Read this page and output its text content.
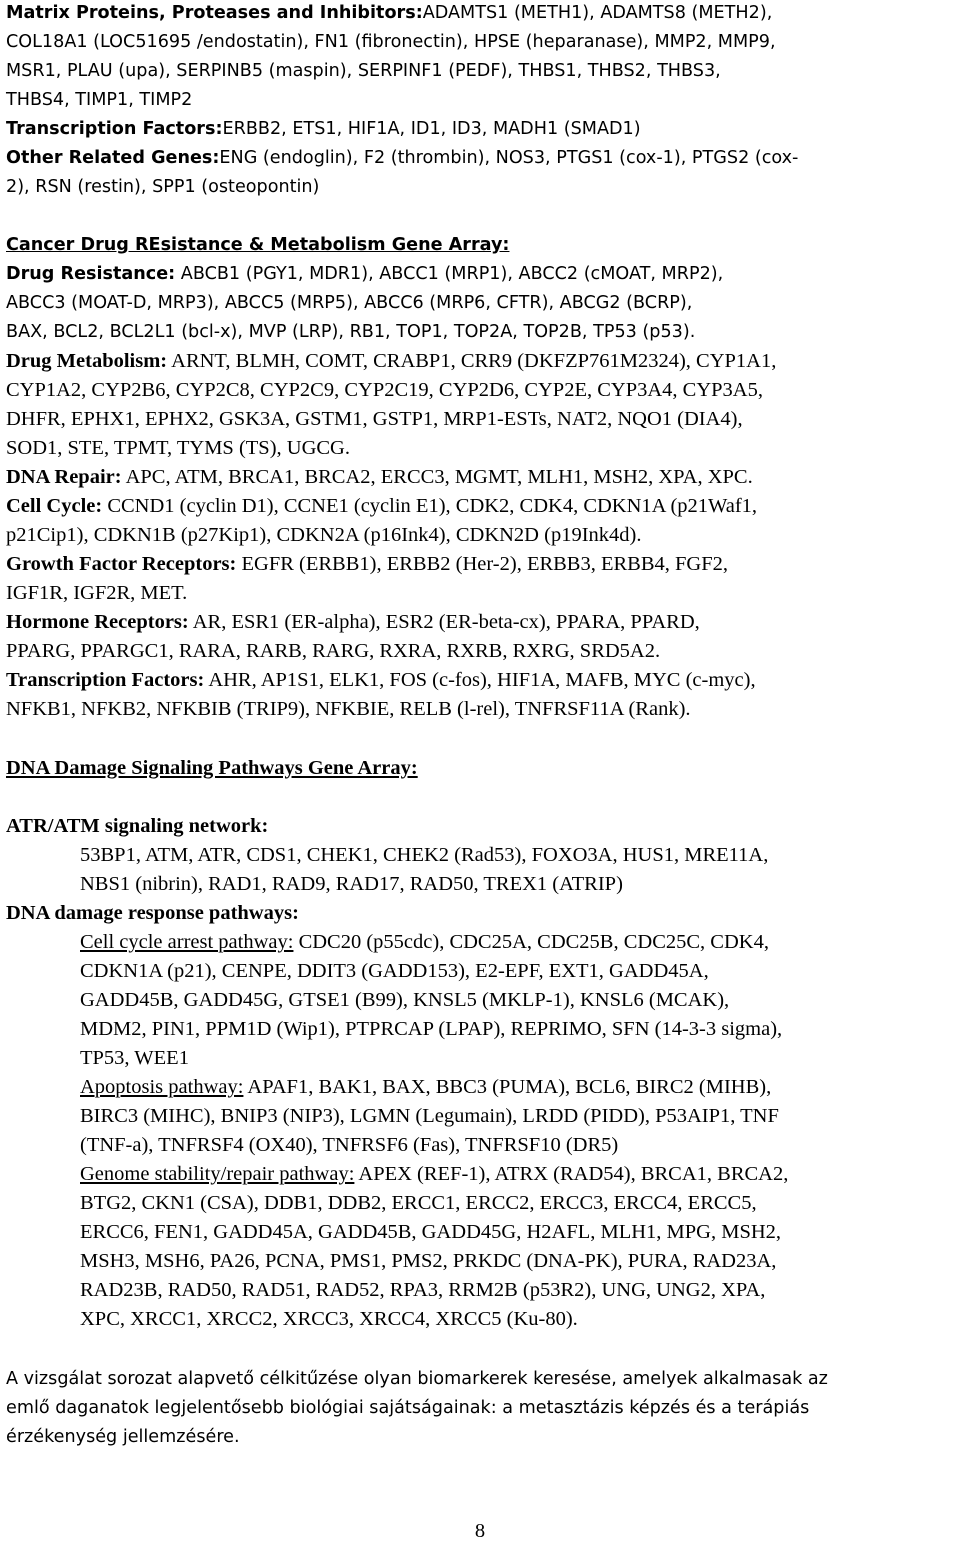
Matrix Proteins, Proteases and Inhibitors:ADAMTS1 (METH1), ADAMTS8 (METH2),
COL18A1 (LOC51695 /endostatin), FN1 (fibronectin), HPSE (heparanase), MMP2, MMP9,
MSR1, PLAU (upa), SERPINB5 (maspin), SERPINF1 (PEDF), THBS1, THBS2, THBS3,
THBS4, TIMP1, TIMP2
Transcription Factors:ERBB2, ETS1, HIF1A, ID1, ID3, MADH1 (SMAD1)
Other Related Genes:ENG (endoglin), F2 (thrombin), NOS3, PTGS1 (cox-1), PTGS2 (cox-
2), RSN (restin), SPP1 (osteopontin)
Cancer Drug REsistance & Metabolism Gene Array:
Drug Resistance: ABCB1 (PGY1, MDR1), ABCC1 (MRP1), ABCC2 (cMOAT, MRP2),
ABCC3 (MOAT-D, MRP3), ABCC5 (MRP5), ABCC6 (MRP6, CFTR), ABCG2 (BCRP),
BAX, BCL2, BCL2L1 (bcl-x), MVP (LRP), RB1, TOP1, TOP2A, TOP2B, TP53 (p53).
Drug Metabolism: ARNT, BLMH, COMT, CRABP1, CRR9 (DKFZP761M2324), CYP1A1,
CYP1A2, CYP2B6, CYP2C8, CYP2C9, CYP2C19, CYP2D6, CYP2E, CYP3A4, CYP3A5,
DHFR, EPHX1, EPHX2, GSK3A, GSTM1, GSTP1, MRP1-ESTs, NAT2, NQO1 (DIA4),
SOD1, STE, TPMT, TYMS (TS), UGCG.
DNA Repair: APC, ATM, BRCA1, BRCA2, ERCC3, MGMT, MLH1, MSH2, XPA, XPC.
Cell Cycle: CCND1 (cyclin D1), CCNE1 (cyclin E1), CDK2, CDK4, CDKN1A (p21Waf1,
p21Cip1), CDKN1B (p27Kip1), CDKN2A (p16Ink4), CDKN2D (p19Ink4d).
Growth Factor Receptors: EGFR (ERBB1), ERBB2 (Her-2), ERBB3, ERBB4, FGF2,
IGF1R, IGF2R, MET.
Hormone Receptors: AR, ESR1 (ER-alpha), ESR2 (ER-beta-cx), PPARA, PPARD,
PPARG, PPARGC1, RARA, RARB, RARG, RXRA, RXRB, RXRG, SRD5A2.
Transcription Factors: AHR, AP1S1, ELK1, FOS (c-fos), HIF1A, MAFB, MYC (c-myc),
NFKB1, NFKB2, NFKBIB (TRIP9), NFKBIE, RELB (l-rel), TNFRSF11A (Rank).
DNA Damage Signaling Pathways Gene Array:
ATR/ATM signaling network:
53BP1, ATM, ATR, CDS1, CHEK1, CHEK2 (Rad53), FOXO3A, HUS1, MRE11A,
NBS1 (nibrin), RAD1, RAD9, RAD17, RAD50, TREX1 (ATRIP)
DNA damage response pathways:
Cell cycle arrest pathway: CDC20 (p55cdc), CDC25A, CDC25B, CDC25C, CDK4,
CDKN1A (p21), CENPE, DDIT3 (GADD153), E2-EPF, EXT1, GADD45A,
GADD45B, GADD45G, GTSE1 (B99), KNSL5 (MKLP-1), KNSL6 (MCAK),
MDM2, PIN1, PPM1D (Wip1), PTPRCAP (LPAP), REPRIMO, SFN (14-3-3 sigma),
TP53, WEE1
Apoptosis pathway: APAF1, BAK1, BAX, BBC3 (PUMA), BCL6, BIRC2 (MIHB),
BIRC3 (MIHC), BNIP3 (NIP3), LGMN (Legumain), LRDD (PIDD), P53AIP1, TNF
(TNF-a), TNFRSF4 (OX40), TNFRSF6 (Fas), TNFRSF10 (DR5)
Genome stability/repair pathway: APEX (REF-1), ATRX (RAD54), BRCA1, BRCA2,
BTG2, CKN1 (CSA), DDB1, DDB2, ERCC1, ERCC2, ERCC3, ERCC4, ERCC5,
ERCC6, FEN1, GADD45A, GADD45B, GADD45G, H2AFL, MLH1, MPG, MSH2,
MSH3, MSH6, PA26, PCNA, PMS1, PMS2, PRKDC (DNA-PK), PURA, RAD23A,
RAD23B, RAD50, RAD51, RAD52, RPA3, RRM2B (p53R2), UNG, UNG2, XPA,
XPC, XRCC1, XRCC2, XRCC3, XRCC4, XRCC5 (Ku-80).
A vizsgálat sorozat alapvető célkitűzése olyan biomarkerek keresése, amelyek alkalmasak az
emlő daganatok legjelentősebb biológiai sajátságainak: a metasztázis képzés és a terápiás
érzékenység jellemzésére.
8
